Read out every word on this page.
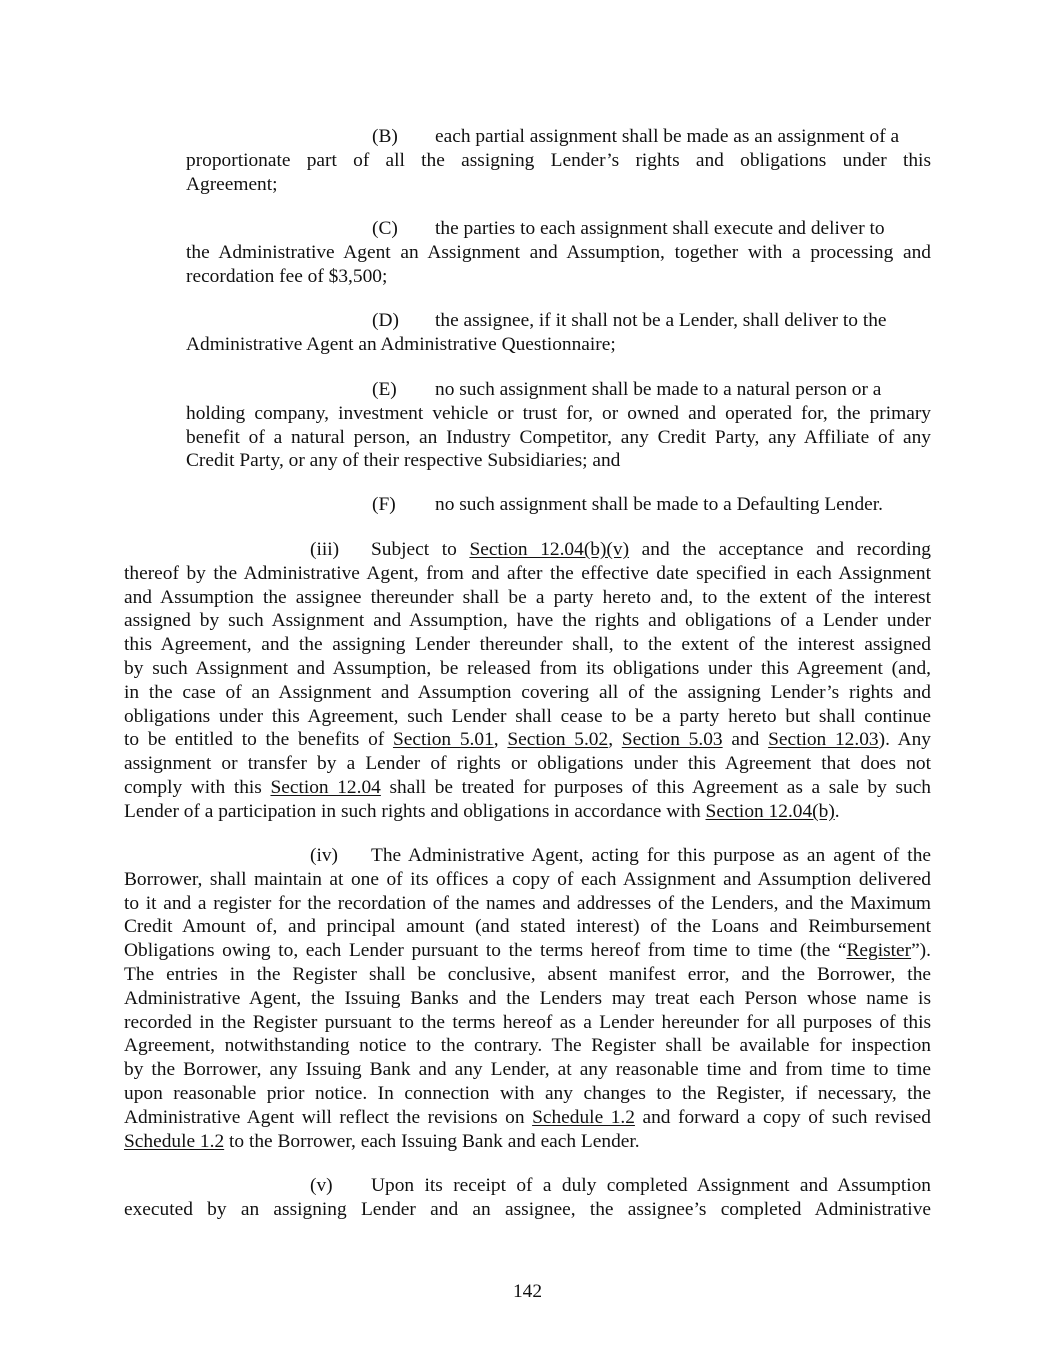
(B) each partial assignment shall be made as an assignment of a
proportionate part of all the assigning Lender’s rights and obligations under this
Agreement;
(C) the parties to each assignment shall execute and deliver to
the Administrative Agent an Assignment and Assumption, together with a processing and
recordation fee of $3,500;
(D) the assignee, if it shall not be a Lender, shall deliver to the
Administrative Agent an Administrative Questionnaire;
(E) no such assignment shall be made to a natural person or a
holding company, investment vehicle or trust for, or owned and operated for, the primary
benefit of a natural person, an Industry Competitor, any Credit Party, any Affiliate of any
Credit Party, or any of their respective Subsidiaries; and
(F) no such assignment shall be made to a Defaulting Lender.
(iii) Subject to Section 12.04(b)(v) and the acceptance and recording
thereof by the Administrative Agent, from and after the effective date specified in each Assignment
and Assumption the assignee thereunder shall be a party hereto and, to the extent of the interest
assigned by such Assignment and Assumption, have the rights and obligations of a Lender under
this Agreement, and the assigning Lender thereunder shall, to the extent of the interest assigned
by such Assignment and Assumption, be released from its obligations under this Agreement (and,
in the case of an Assignment and Assumption covering all of the assigning Lender’s rights and
obligations under this Agreement, such Lender shall cease to be a party hereto but shall continue
to be entitled to the benefits of Section 5.01, Section 5.02, Section 5.03 and Section 12.03). Any
assignment or transfer by a Lender of rights or obligations under this Agreement that does not
comply with this Section 12.04 shall be treated for purposes of this Agreement as a sale by such
Lender of a participation in such rights and obligations in accordance with Section 12.04(b).
(iv) The Administrative Agent, acting for this purpose as an agent of the
Borrower, shall maintain at one of its offices a copy of each Assignment and Assumption delivered
to it and a register for the recordation of the names and addresses of the Lenders, and the Maximum
Credit Amount of, and principal amount (and stated interest) of the Loans and Reimbursement
Obligations owing to, each Lender pursuant to the terms hereof from time to time (the “Register”).
The entries in the Register shall be conclusive, absent manifest error, and the Borrower, the
Administrative Agent, the Issuing Banks and the Lenders may treat each Person whose name is
recorded in the Register pursuant to the terms hereof as a Lender hereunder for all purposes of this
Agreement, notwithstanding notice to the contrary. The Register shall be available for inspection
by the Borrower, any Issuing Bank and any Lender, at any reasonable time and from time to time
upon reasonable prior notice. In connection with any changes to the Register, if necessary, the
Administrative Agent will reflect the revisions on Schedule 1.2 and forward a copy of such revised
Schedule 1.2 to the Borrower, each Issuing Bank and each Lender.
(v) Upon its receipt of a duly completed Assignment and Assumption
executed by an assigning Lender and an assignee, the assignee’s completed Administrative
142
